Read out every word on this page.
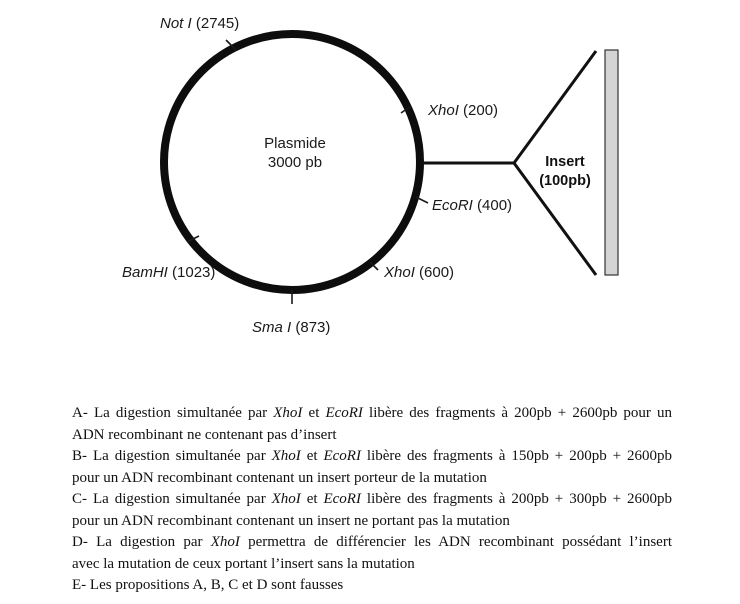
Not I (2745)
XhoI (200)
EcoRI (400)
XhoI (600)
Sma I (873)
BamHI (1023)
Plasmide
3000 pb	Insert
(100pb)
A- La digestion simultanée par XhoI et EcoRI libère des fragments à 200pb + 2600pb pour un
ADN recombinant ne contenant pas d’insert
B- La digestion simultanée par XhoI et EcoRI libère des fragments à 150pb + 200pb + 2600pb
pour un ADN recombinant contenant un insert porteur de la mutation
C- La digestion simultanée par XhoI et EcoRI libère des fragments à 200pb + 300pb + 2600pb
pour un ADN recombinant contenant un insert ne portant pas la mutation
D- La digestion par XhoI permettra de différencier les ADN recombinant possédant l’insert
avec la mutation de ceux portant l’insert sans la mutation
E- Les propositions A, B, C et D sont fausses
